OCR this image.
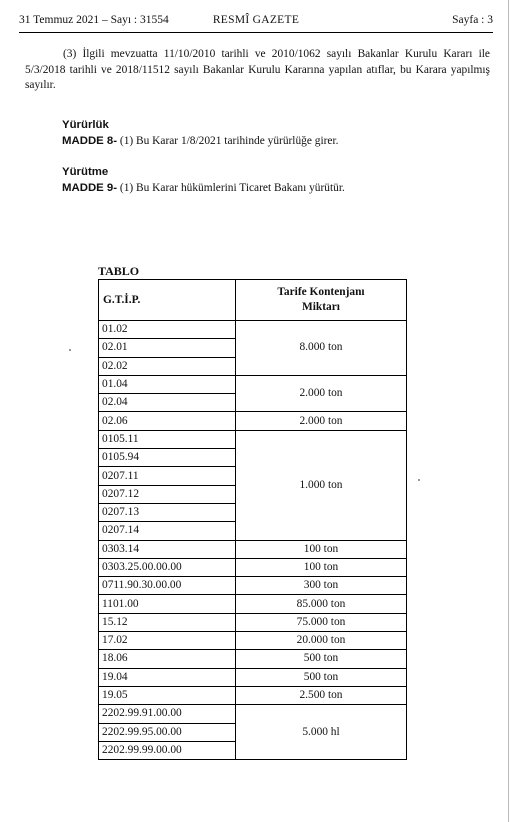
31 Temmuz 2021 – Sayı : 31554	RESMÎ GAZETE	Sayfa : 3
(3) İlgili mevzuatta 11/10/2010 tarihli ve 2010/1062 sayılı Bakanlar Kurulu Kararı ile 5/3/2018 tarihli ve 2018/11512 sayılı Bakanlar Kurulu Kararına yapılan atıflar, bu Karara yapılmış sayılır.
Yürürlük
MADDE 8- (1) Bu Karar 1/8/2021 tarihinde yürürlüğe girer.
Yürütme
MADDE 9- (1) Bu Karar hükümlerini Ticaret Bakanı yürütür.
TABLO
G.T.İ.P.	Tarife Kontenjanı
Miktarı
01.02	8.000 ton
02.01	
02.02	
01.04	2.000 ton
02.04	
02.06	2.000 ton
0105.11	1.000 ton
0105.94	
0207.11	
0207.12	
0207.13	
0207.14	
0303.14	100 ton
0303.25.00.00.00	100 ton
0711.90.30.00.00	300 ton
1101.00	85.000 ton
15.12	75.000 ton
17.02	20.000 ton
18.06	500 ton
19.04	500 ton
19.05	2.500 ton
2202.99.91.00.00	5.000 hl
2202.99.95.00.00	
2202.99.99.00.00	
